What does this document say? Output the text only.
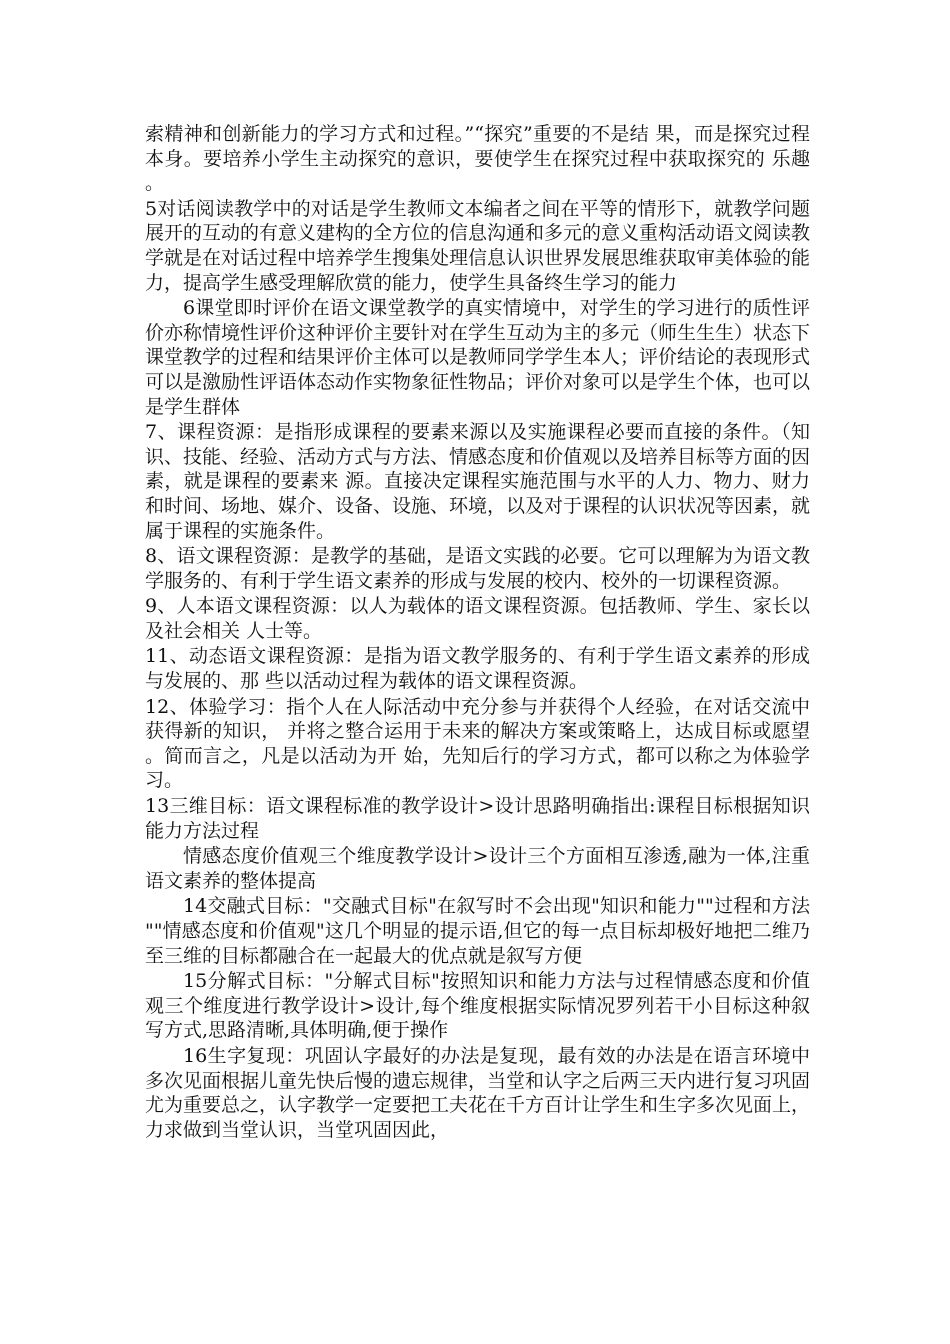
索精神和创新能力的学习方式和过程。”“探究”重要的不是结 果，而是探究过程本身。要培养小学生主动探究的意识，要使学生在探究过程中获取探究的 乐趣。

5对话阅读教学中的对话是学生教师文本编者之间在平等的情形下，就教学问题展开的互动的有意义建构的全方位的信息沟通和多元的意义重构活动语文阅读教学就是在对话过程中培养学生搜集处理信息认识世界发展思维获取审美体验的能力，提高学生感受理解欣赏的能力，使学生具备终生学习的能力

6课堂即时评价在语文课堂教学的真实情境中，对学生的学习进行的质性评价亦称情境性评价这种评价主要针对在学生互动为主的多元（师生生生）状态下课堂教学的过程和结果评价主体可以是教师同学学生本人；评价结论的表现形式可以是激励性评语体态动作实物象征性物品；评价对象可以是学生个体，也可以是学生群体

7、课程资源：是指形成课程的要素来源以及实施课程必要而直接的条件。（知识、技能、经验、活动方式与方法、情感态度和价值观以及培养目标等方面的因素，就是课程的要素来 源。直接决定课程实施范围与水平的人力、物力、财力和时间、场地、媒介、设备、设施、环境，以及对于课程的认识状况等因素，就属于课程的实施条件。

8、语文课程资源：是教学的基础，是语文实践的必要。它可以理解为为语文教学服务的、有利于学生语文素养的形成与发展的校内、校外的一切课程资源。

9、人本语文课程资源：以人为载体的语文课程资源。包括教师、学生、家长以及社会相关 人士等。

11、动态语文课程资源：是指为语文教学服务的、有利于学生语文素养的形成与发展的、那 些以活动过程为载体的语文课程资源。

12、体验学习：指个人在人际活动中充分参与并获得个人经验，在对话交流中获得新的知识， 并将之整合运用于未来的解决方案或策略上，达成目标或愿望。简而言之，凡是以活动为开 始，先知后行的学习方式，都可以称之为体验学习。

13三维目标：语文课程标准的教学设计>设计思路明确指出:课程目标根据知识能力方法过程

情感态度价值观三个维度教学设计>设计三个方面相互渗透,融为一体,注重语文素养的整体提高

14交融式目标："交融式目标"在叙写时不会出现"知识和能力""过程和方法""情感态度和价值观"这几个明显的提示语,但它的每一点目标却极好地把二维乃至三维的目标都融合在一起最大的优点就是叙写方便

15分解式目标："分解式目标"按照知识和能力方法与过程情感态度和价值观三个维度进行教学设计>设计,每个维度根据实际情况罗列若干小目标这种叙写方式,思路清晰,具体明确,便于操作

16生字复现：巩固认字最好的办法是复现，最有效的办法是在语言环境中多次见面根据儿童先快后慢的遗忘规律，当堂和认字之后两三天内进行复习巩固尤为重要总之，认字教学一定要把工夫花在千方百计让学生和生字多次见面上，力求做到当堂认识，当堂巩固因此，
